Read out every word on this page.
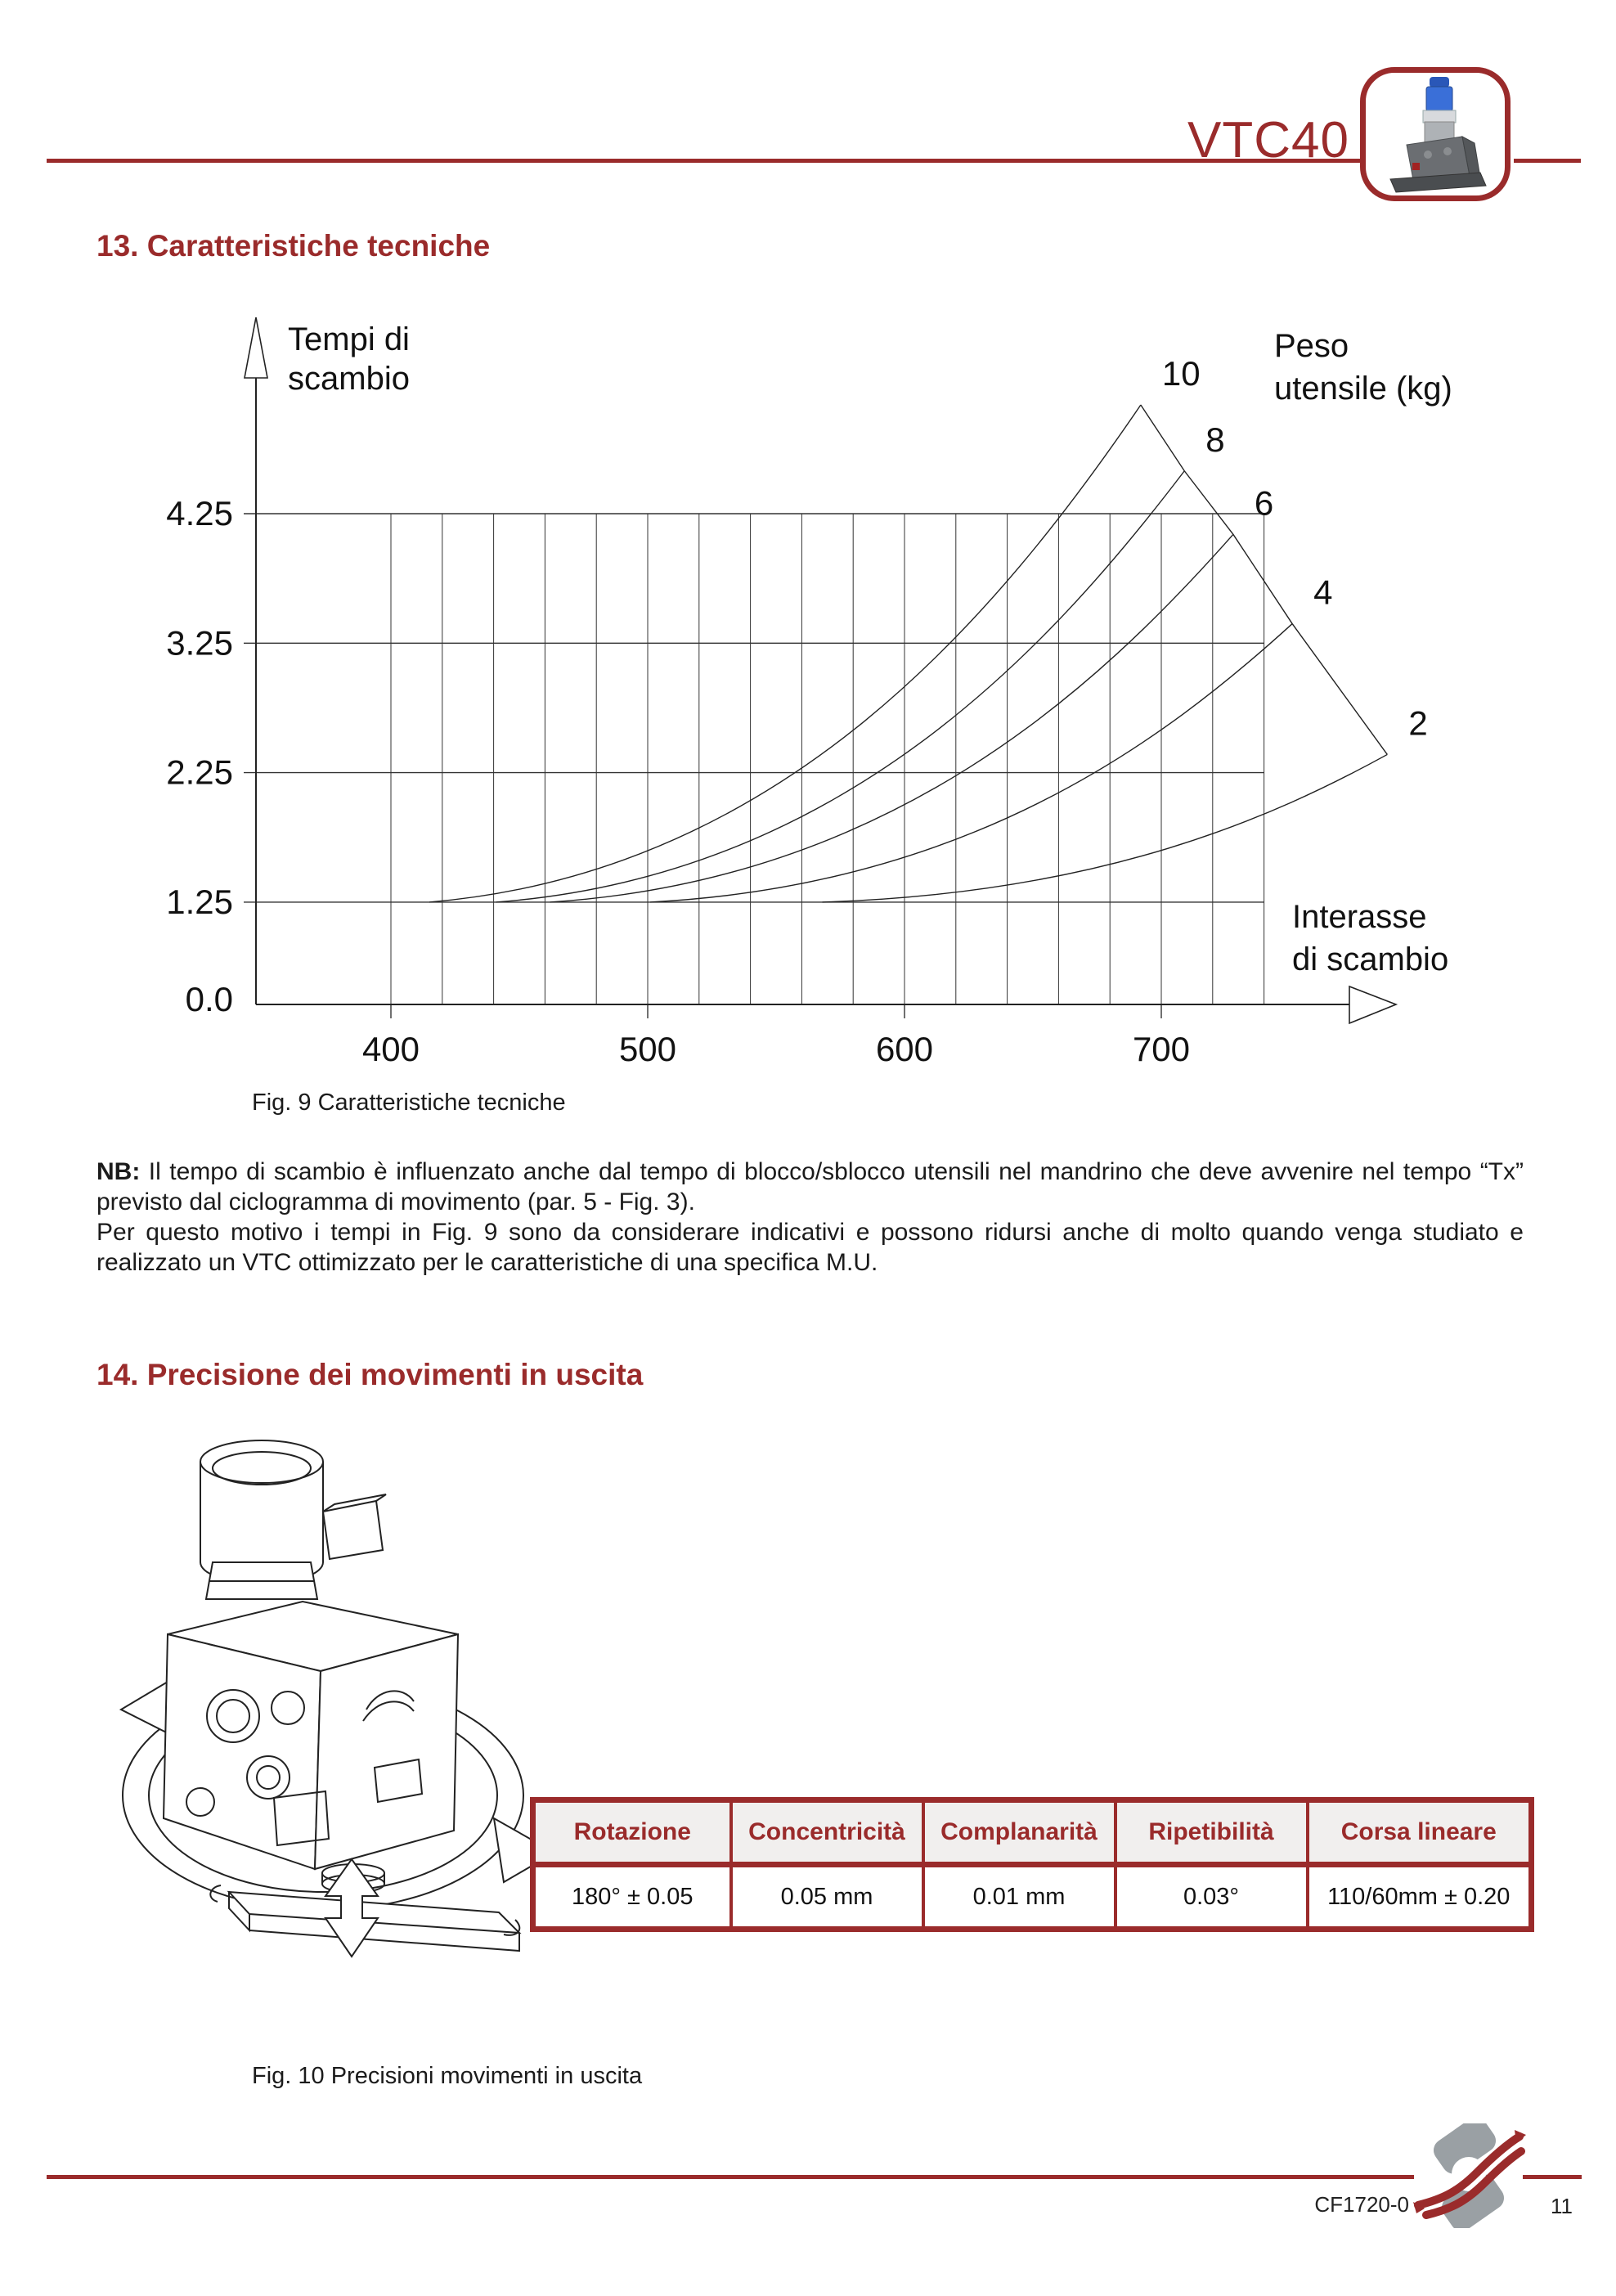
VTC40
13. Caratteristiche tecniche
1.25
2.25
3.25
4.25
0.0
400	500	600	700
Tempi di
scambio
Peso
utensile (kg)
Interasse
di scambio
10
8
6
4
2
Fig. 9 Caratteristiche tecniche

NB: Il tempo di scambio è influenzato anche dal tempo di blocco/sblocco utensili nel mandrino che deve avvenire nel tempo “Tx” previsto dal ciclogramma di movimento (par. 5 - Fig. 3).

Per questo motivo i tempi in Fig. 9 sono da considerare indicativi e possono ridursi anche di molto quando venga studiato e realizzato un VTC ottimizzato per le caratteristiche di una specifica M.U.

14. Precisione dei movimenti in uscita
Rotazione	Concentricità	Complanarità	Ripetibilità	Corsa lineare
180° ± 0.05	0.05 mm	0.01 mm	0.03°	110/60mm ± 0.20
Fig. 10 Precisioni movimenti in uscita
CF1720-0	11
